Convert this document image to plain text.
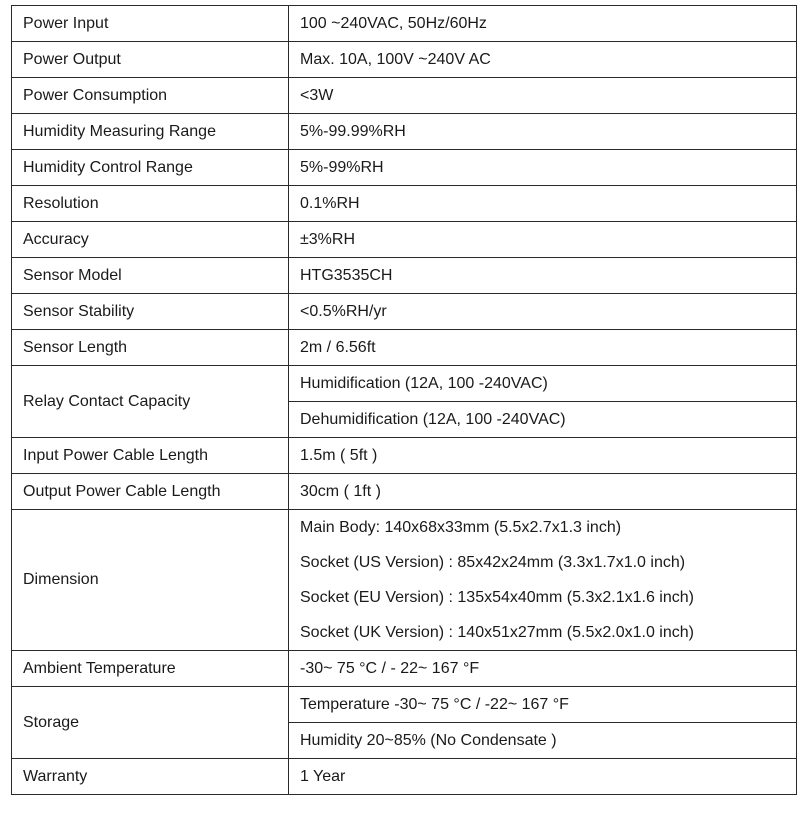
Power Input	100 ~240VAC, 50Hz/60Hz
Power Output	Max. 10A, 100V ~240V AC
Power Consumption	<3W
Humidity Measuring Range	5%-99.99%RH
Humidity Control Range	5%-99%RH
Resolution	0.1%RH
Accuracy	±3%RH
Sensor Model	HTG3535CH
Sensor Stability	<0.5%RH/yr
Sensor Length	2m / 6.56ft
Relay Contact Capacity	Humidification (12A, 100 -240VAC)
Dehumidification (12A, 100 -240VAC)

Input Power Cable Length	1.5m ( 5ft )
Output Power Cable Length	30cm ( 1ft )
Dimension	Main Body: 140x68x33mm (5.5x2.7x1.3 inch)
Socket (US Version) : 85x42x24mm (3.3x1.7x1.0 inch)
Socket (EU Version) : 135x54x40mm (5.3x2.1x1.6 inch)
Socket (UK Version) : 140x51x27mm (5.5x2.0x1.0 inch)

Ambient Temperature	-30~ 75 °C / - 22~ 167 °F
Storage	Temperature -30~ 75 °C / -22~ 167 °F
Humidity 20~85% (No Condensate )

Warranty	1 Year
